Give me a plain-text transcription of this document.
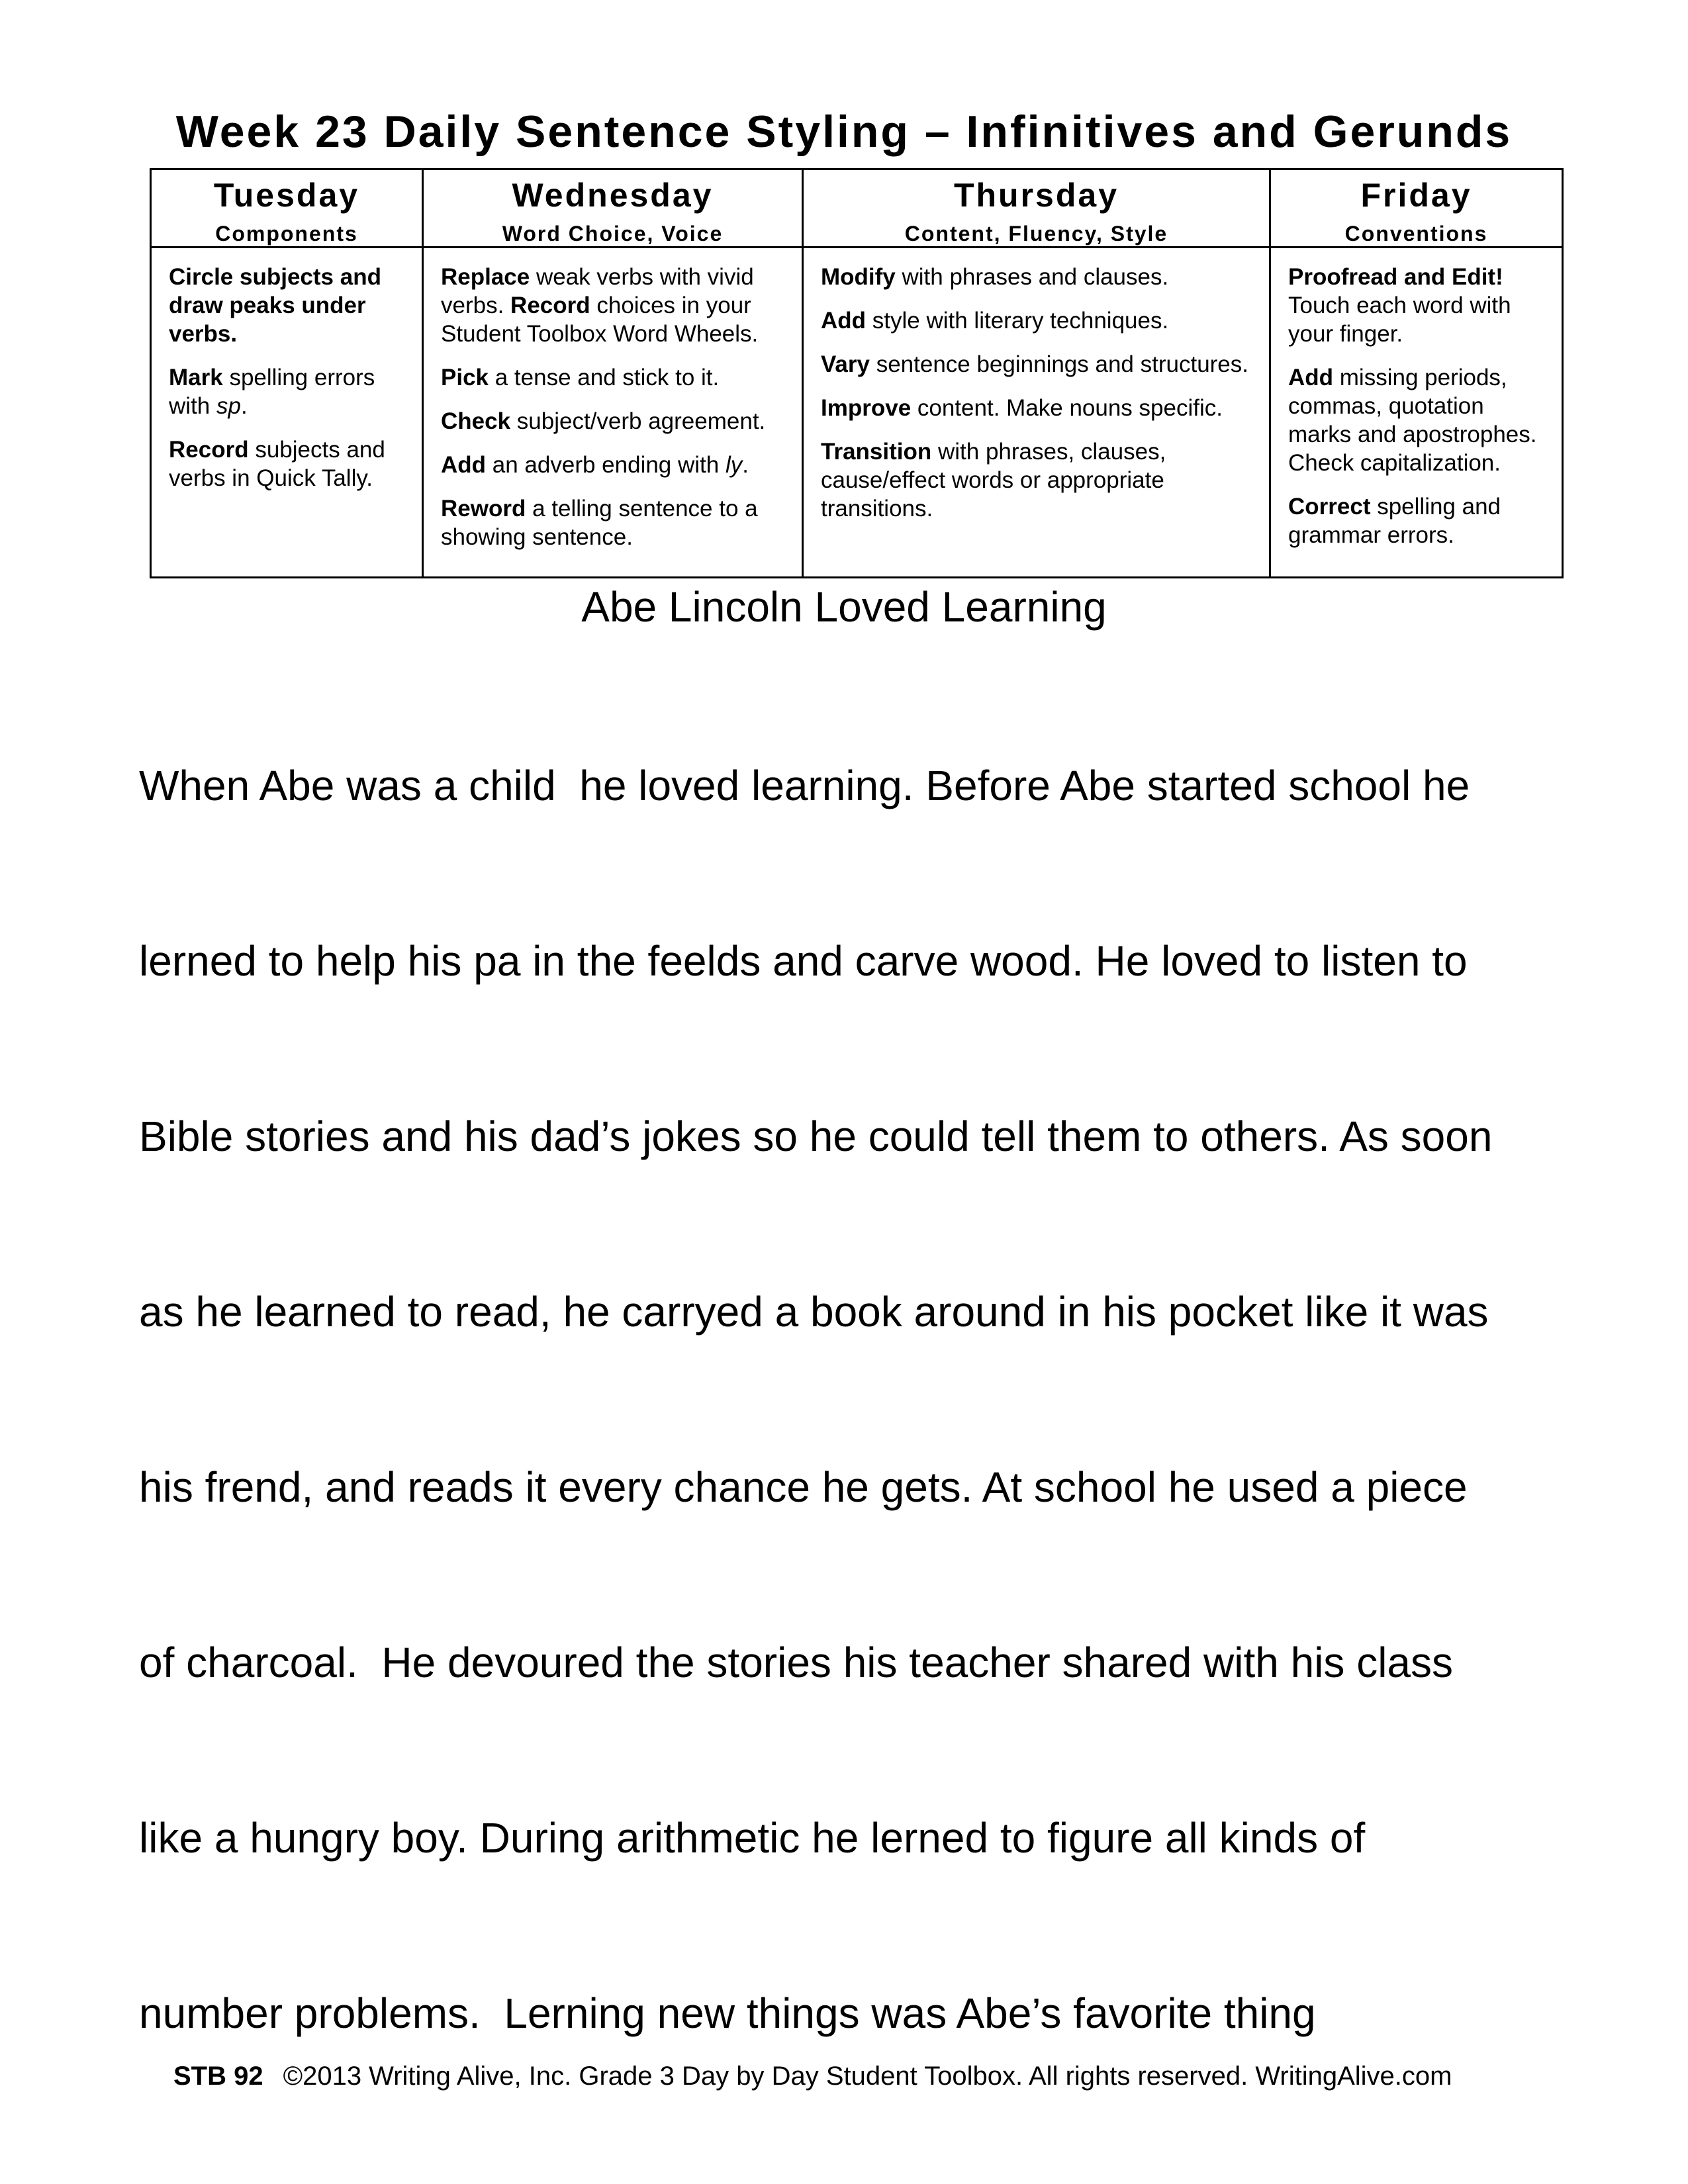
Week 23 Daily Sentence Styling – Infinitives and Gerunds
Tuesday
Components
Circle subjects and draw peaks under verbs.
Mark spelling errors with sp.
Record subjects and verbs in Quick Tally.
Wednesday
Word Choice, Voice
Replace weak verbs with vivid verbs. Record choices in your Student Toolbox Word Wheels.
Pick a tense and stick to it.
Check subject/verb agreement.
Add an adverb ending with ly.
Reword a telling sentence to a showing sentence.
Thursday
Content, Fluency, Style
Modify with phrases and clauses.
Add style with literary techniques.
Vary sentence beginnings and structures.
Improve content. Make nouns specific.
Transition with phrases, clauses, cause/effect words or appropriate transitions.
Friday
Conventions
Proofread and Edit! Touch each word with your finger.
Add missing periods, commas, quotation marks and apostrophes. Check capitalization.
Correct spelling and grammar errors.
Abe Lincoln Loved Learning
When Abe was a child  he loved learning. Before Abe started school he
lerned to help his pa in the feelds and carve wood. He loved to listen to
Bible stories and his dad’s jokes so he could tell them to others. As soon
as he learned to read, he carryed a book around in his pocket like it was
his frend, and reads it every chance he gets. At school he used a piece
of charcoal.  He devoured the stories his teacher shared with his class
like a hungry boy. During arithmetic he lerned to figure all kinds of
number problems.  Lerning new things was Abe’s favorite thing
STB 92 ©2013 Writing Alive, Inc. Grade 3 Day by Day Student Toolbox. All rights reserved. WritingAlive.com
